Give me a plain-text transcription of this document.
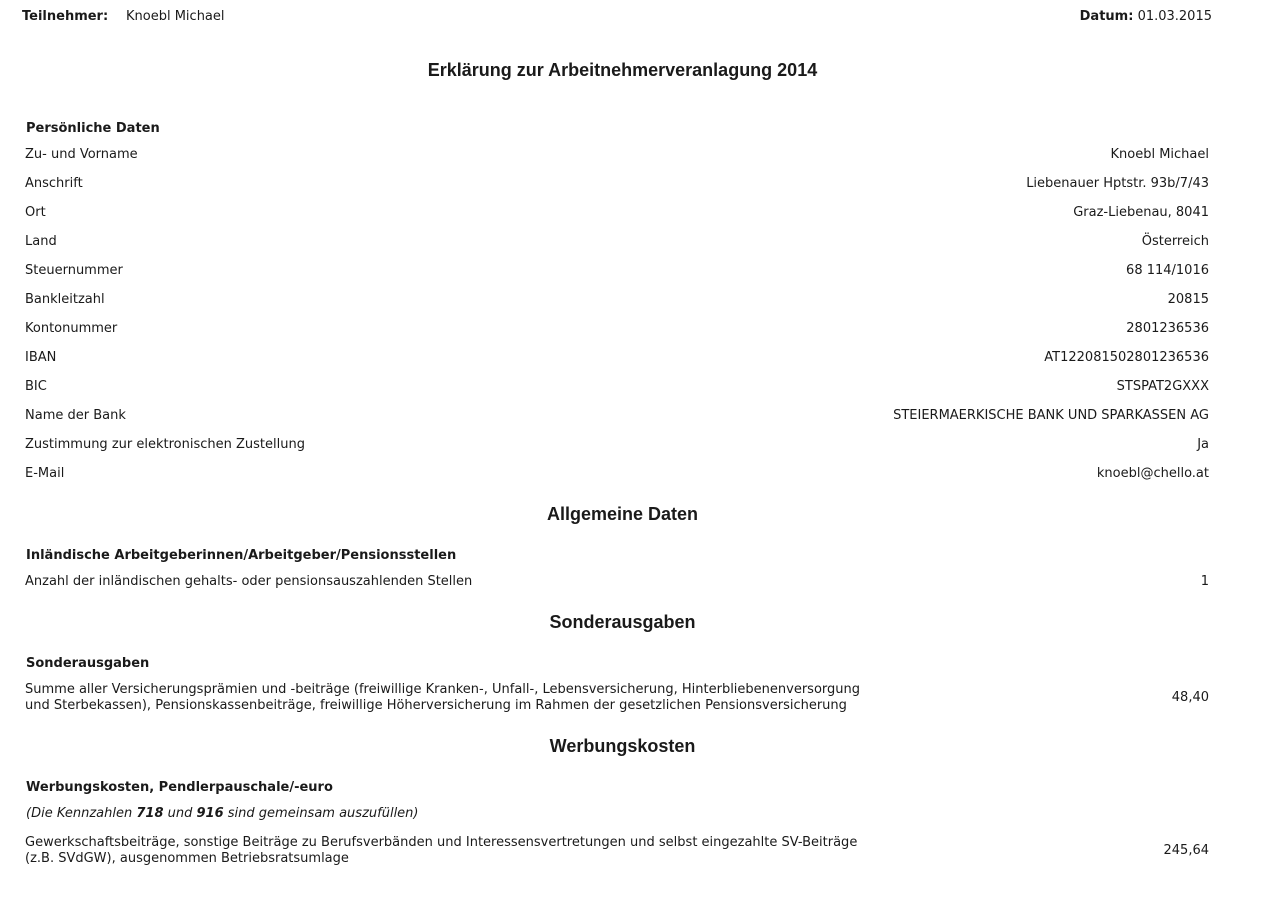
Teilnehmer: Knoebl Michael	Datum: 01.03.2015
Erklärung zur Arbeitnehmerveranlagung 2014
Persönliche Daten
Zu- und Vorname	Knoebl Michael
Anschrift	Liebenauer Hptstr. 93b/7/43
Ort	Graz-Liebenau, 8041
Land	Österreich
Steuernummer	68 114/1016
Bankleitzahl	20815
Kontonummer	2801236536
IBAN	AT122081502801236536
BIC	STSPAT2GXXX
Name der Bank	STEIERMAERKISCHE BANK UND SPARKASSEN AG
Zustimmung zur elektronischen Zustellung	Ja
E-Mail	knoebl@chello.at
Allgemeine Daten
Inländische Arbeitgeberinnen/Arbeitgeber/Pensionsstellen
Anzahl der inländischen gehalts- oder pensionsauszahlenden Stellen	1
Sonderausgaben
Sonderausgaben
Summe aller Versicherungsprämien und -beiträge (freiwillige Kranken-, Unfall-, Lebensversicherung, Hinterbliebenenversorgung
und Sterbekassen), Pensionskassenbeiträge, freiwillige Höherversicherung im Rahmen der gesetzlichen Pensionsversicherung
48,40
Werbungskosten
Werbungskosten, Pendlerpauschale/-euro
(Die Kennzahlen 718 und 916 sind gemeinsam auszufüllen)
Gewerkschaftsbeiträge, sonstige Beiträge zu Berufsverbänden und Interessensvertretungen und selbst eingezahlte SV-Beiträge
(z.B. SVdGW), ausgenommen Betriebsratsumlage
245,64
